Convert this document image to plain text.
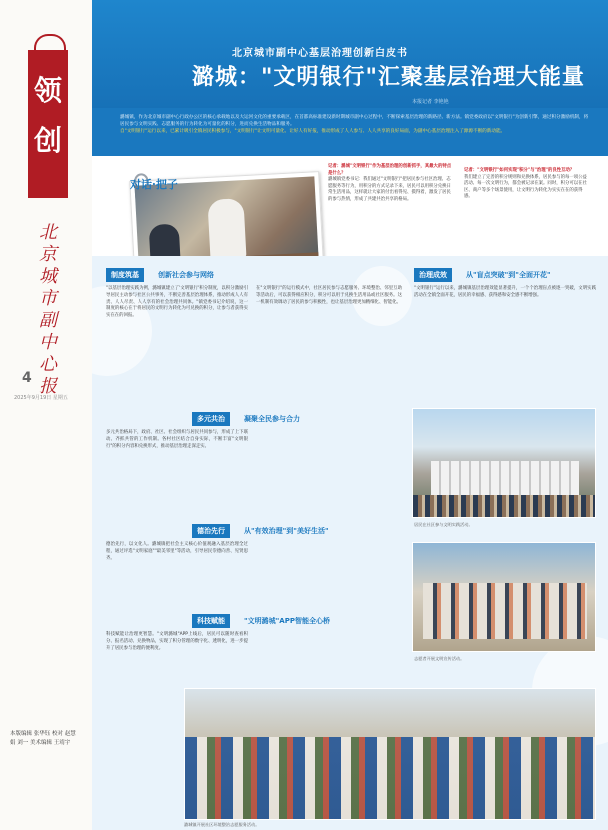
领创
北京城市副中心报
4
2025年9月19日 星期五
本版编辑 张华钰 校对 赵慧娟 刘一 美术编辑 王靖宇
北京城市副中心基层治理创新白皮书
潞城："文明银行"汇聚基层治理大能量
本报记者 李艳艳

潞城镇，作为北京城市副中心行政办公区的核心承载地以及大运河文化的重要承载区，在首都高标准建设新时期城市副中心过程中，不断探索基层治理的新路径、新方法。镇党委政府以"文明银行"为创新引擎，通过积分激励机制，将居民参与文明实践、志愿服务的行为转化为可量化的积分，进而兑换生活物品和服务。

自"文明银行"运行以来，已累计吸引全镇居民积极参与，"文明银行"让文明可量化、让好人有好报，推动形成了人人参与、人人共享的良好局面，为副中心基层治理注入了源源不断的新动能。

对话·把子

记者：潞城"文明银行"作为基层治理的创新抓手，其最大的特点是什么？

潞城镇党委书记：我们通过"文明银行"把居民参与社区治理、志愿服务等行为，用积分的方式记录下来，居民可以用积分兑换日常生活用品，这样就让大家的付出看得见、摸得着，激发了居民的参与热情，形成了共建共治共享的格局。

记者："文明银行"如何实现"积分"与"治理"的良性互动？

我们建立了完善的积分规则和兑换体系，居民参与的每一项公益活动、每一次文明行为，都会被记录在案。同时，积分可以在社区、商户等多个场景使用，让文明行为转化为实实在在的获得感。

制度筑基	创新社会参与网络
"以基层治理实践为例，潞城镇建立了'文明银行'积分制度，以积分激励引导居民主动参与社区公共事务，不断完善基层治理体系，推动形成人人有责、人人尽责、人人享有的社会治理共同体。"镇党委书记介绍说，这一制度的核心在于将居民的文明行为转化为可兑换的积分，让参与者获得实实在在的回报。
在"文明银行"的运行模式中，社区居民参与志愿服务、环境整治、邻里互助等活动后，可以获得相应积分，积分可以用于兑换生活用品或社区服务。这一机制有效调动了居民的参与积极性，也让基层治理更加精细化、智能化。
多元共治	凝聚全民参与合力
多元共治格局下，政府、社区、社会组织与居民共同参与，形成了上下联动、齐抓共管的工作机制。各村社区结合自身实际，不断丰富"文明银行"的积分内容和兑换形式，推动基层治理走深走实。
德治先行	从"有效治理"到"美好生活"
德治先行，以文化人。潞城镇把社会主义核心价值观融入基层治理全过程，通过评选"文明家庭""最美邻里"等活动，引导居民崇德向善、见贤思齐。
科技赋能	"文明潞城"APP智能全心桥
科技赋能让治理更智慧。"文明潞城"APP上线后，居民可以随时查看积分、报名活动、兑换物品，实现了积分管理的数字化、透明化，进一步提升了居民参与治理的便利度。
治理成效	从"盲点突破"到"全面开花"
"文明银行"运行以来，潞城镇基层治理效能显著提升，一个个治理盲点被逐一突破，文明实践活动在全镇全面开花，居民的幸福感、获得感和安全感不断增强。
居民在社区参与文明实践活动。
志愿者开展文明宣传活动。
潞城镇开展社区环境整治志愿服务活动。
